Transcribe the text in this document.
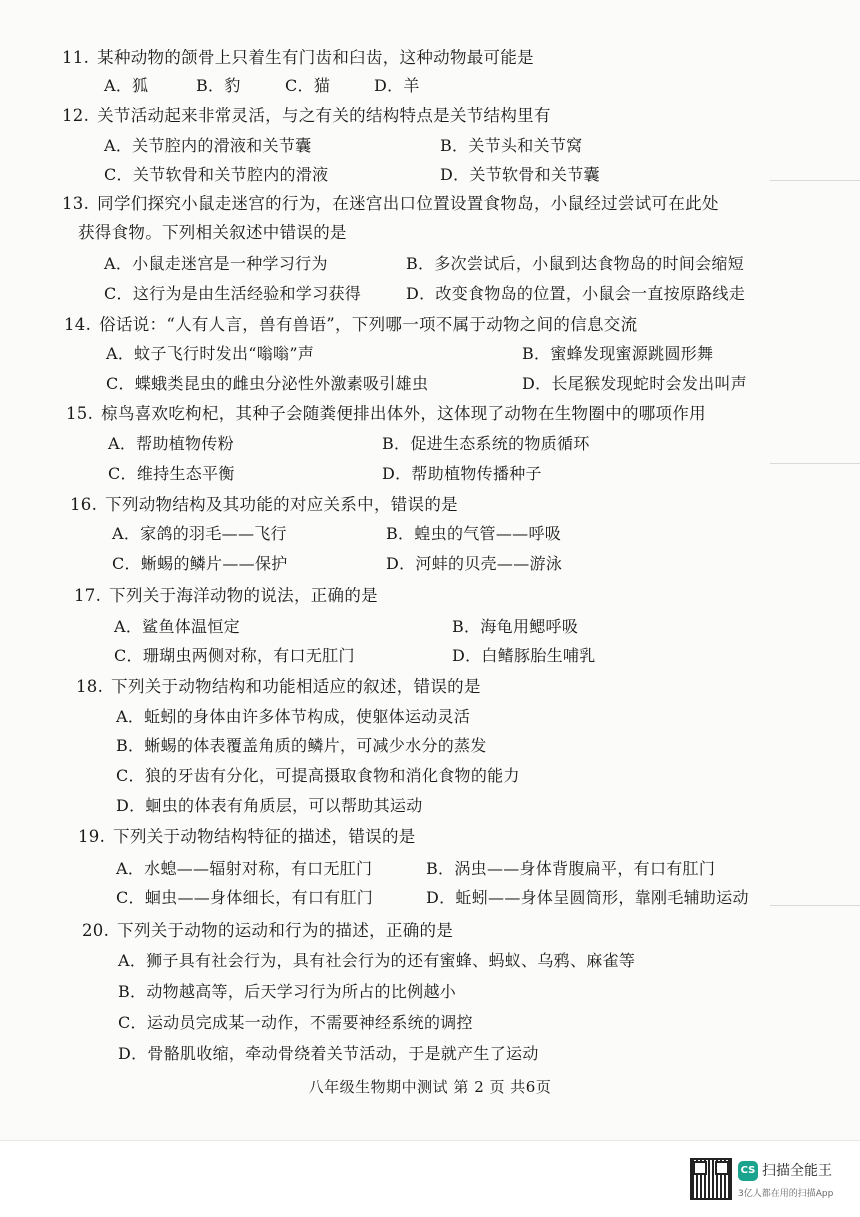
11. 某种动物的颌骨上只着生有门齿和臼齿，这种动物最可能是
A．狐	B．豹	C．猫	D．羊
12. 关节活动起来非常灵活，与之有关的结构特点是关节结构里有
A．关节腔内的滑液和关节囊	B．关节头和关节窝
C．关节软骨和关节腔内的滑液	D．关节软骨和关节囊
13. 同学们探究小鼠走迷宫的行为，在迷宫出口位置设置食物岛，小鼠经过尝试可在此处
获得食物。下列相关叙述中错误的是
A．小鼠走迷宫是一种学习行为	B．多次尝试后，小鼠到达食物岛的时间会缩短
C．这行为是由生活经验和学习获得	D．改变食物岛的位置，小鼠会一直按原路线走
14. 俗话说：“人有人言，兽有兽语”，下列哪一项不属于动物之间的信息交流
A．蚊子飞行时发出“嗡嗡”声	B．蜜蜂发现蜜源跳圆形舞
C．蝶蛾类昆虫的雌虫分泌性外激素吸引雄虫	D．长尾猴发现蛇时会发出叫声
15. 椋鸟喜欢吃枸杞，其种子会随粪便排出体外，这体现了动物在生物圈中的哪项作用
A．帮助植物传粉	B．促进生态系统的物质循环
C．维持生态平衡	D．帮助植物传播种子
16. 下列动物结构及其功能的对应关系中，错误的是
A．家鸽的羽毛——飞行	B．蝗虫的气管——呼吸
C．蜥蜴的鳞片——保护	D．河蚌的贝壳——游泳
17. 下列关于海洋动物的说法，正确的是
A．鲨鱼体温恒定	B．海龟用鳃呼吸
C．珊瑚虫两侧对称，有口无肛门	D．白鳍豚胎生哺乳
18. 下列关于动物结构和功能相适应的叙述，错误的是
A．蚯蚓的身体由许多体节构成，使躯体运动灵活
B．蜥蜴的体表覆盖角质的鳞片，可减少水分的蒸发
C．狼的牙齿有分化，可提高摄取食物和消化食物的能力
D．蛔虫的体表有角质层，可以帮助其运动
19. 下列关于动物结构特征的描述，错误的是
A．水螅——辐射对称，有口无肛门	B．涡虫——身体背腹扁平，有口有肛门
C．蛔虫——身体细长，有口有肛门	D．蚯蚓——身体呈圆筒形，靠刚毛辅助运动
20. 下列关于动物的运动和行为的描述，正确的是
A．狮子具有社会行为，具有社会行为的还有蜜蜂、蚂蚁、乌鸦、麻雀等
B．动物越高等，后天学习行为所占的比例越小
C．运动员完成某一动作，不需要神经系统的调控
D．骨骼肌收缩，牵动骨绕着关节活动，于是就产生了运动
八年级生物期中测试 第 2 页 共6页
CS 扫描全能王
3亿人都在用的扫描App
